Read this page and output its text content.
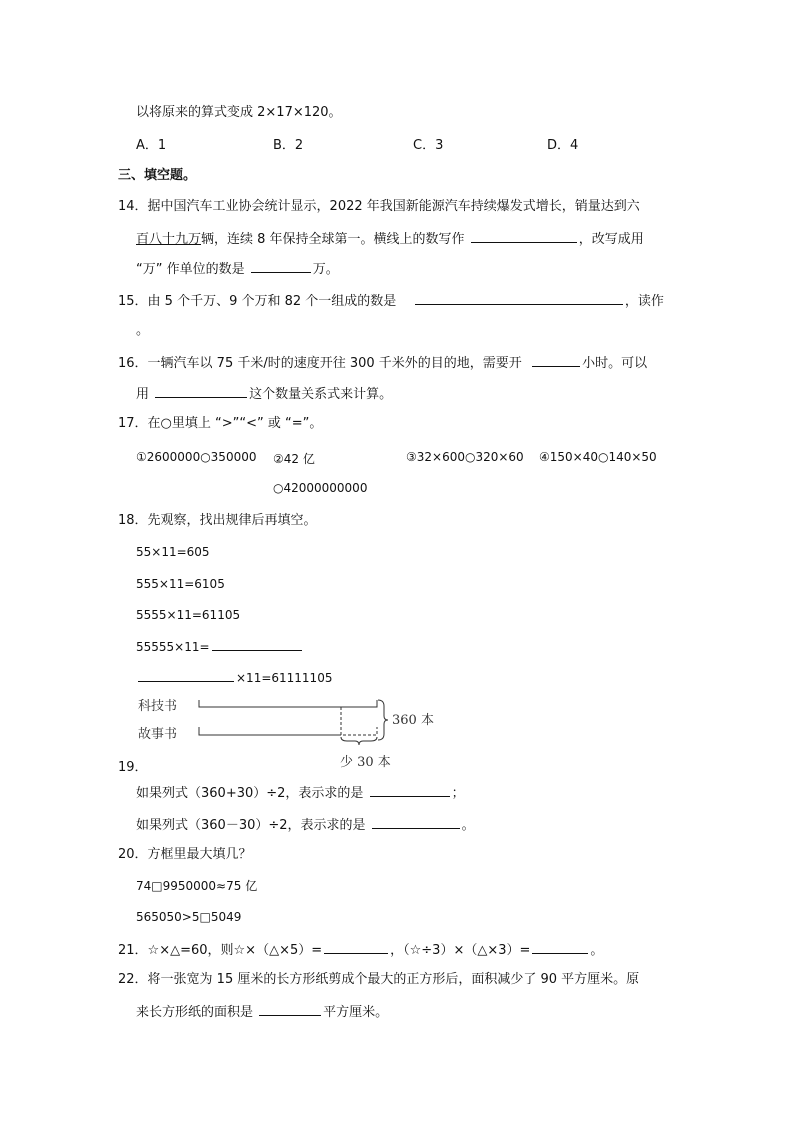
以将原来的算式变成 2×17×120。
A．1	B．2	C．3	D．4
三、填空题。
14．据中国汽车工业协会统计显示，2022 年我国新能源汽车持续爆发式增长，销量达到六
百八十九万辆，连续 8 年保持全球第一。横线上的数写作	，改写成用
“万” 作单位的数是	万。
15．由 5 个千万、9 个万和 82 个一组成的数是	，读作
。
16．一辆汽车以 75 千米/时的速度开往 300 千米外的目的地，需要开	小时。可以
用	这个数量关系式来计算。
17．在○里填上 “>”“<” 或 “=”。
①2600000○350000 ②42 亿	③32×600○320×60 ④150×40○140×50
○42000000000
18．先观察，找出规律后再填空。
55×11=605
555×11=6105
5555×11=61105
55555×11=
×11=61111105
科技书
故事书
360 本
少 30 本
19．
如果列式（360+30）÷2，表示求的是	；
如果列式（360－30）÷2，表示求的是	。
20．方框里最大填几？
74□9950000≈75 亿
565050>5□5049
21．☆×△=60，则☆×（△×5）=	，（☆÷3）×（△×3）=	。
22．将一张宽为 15 厘米的长方形纸剪成个最大的正方形后，面积减少了 90 平方厘米。原
来长方形纸的面积是	平方厘米。
